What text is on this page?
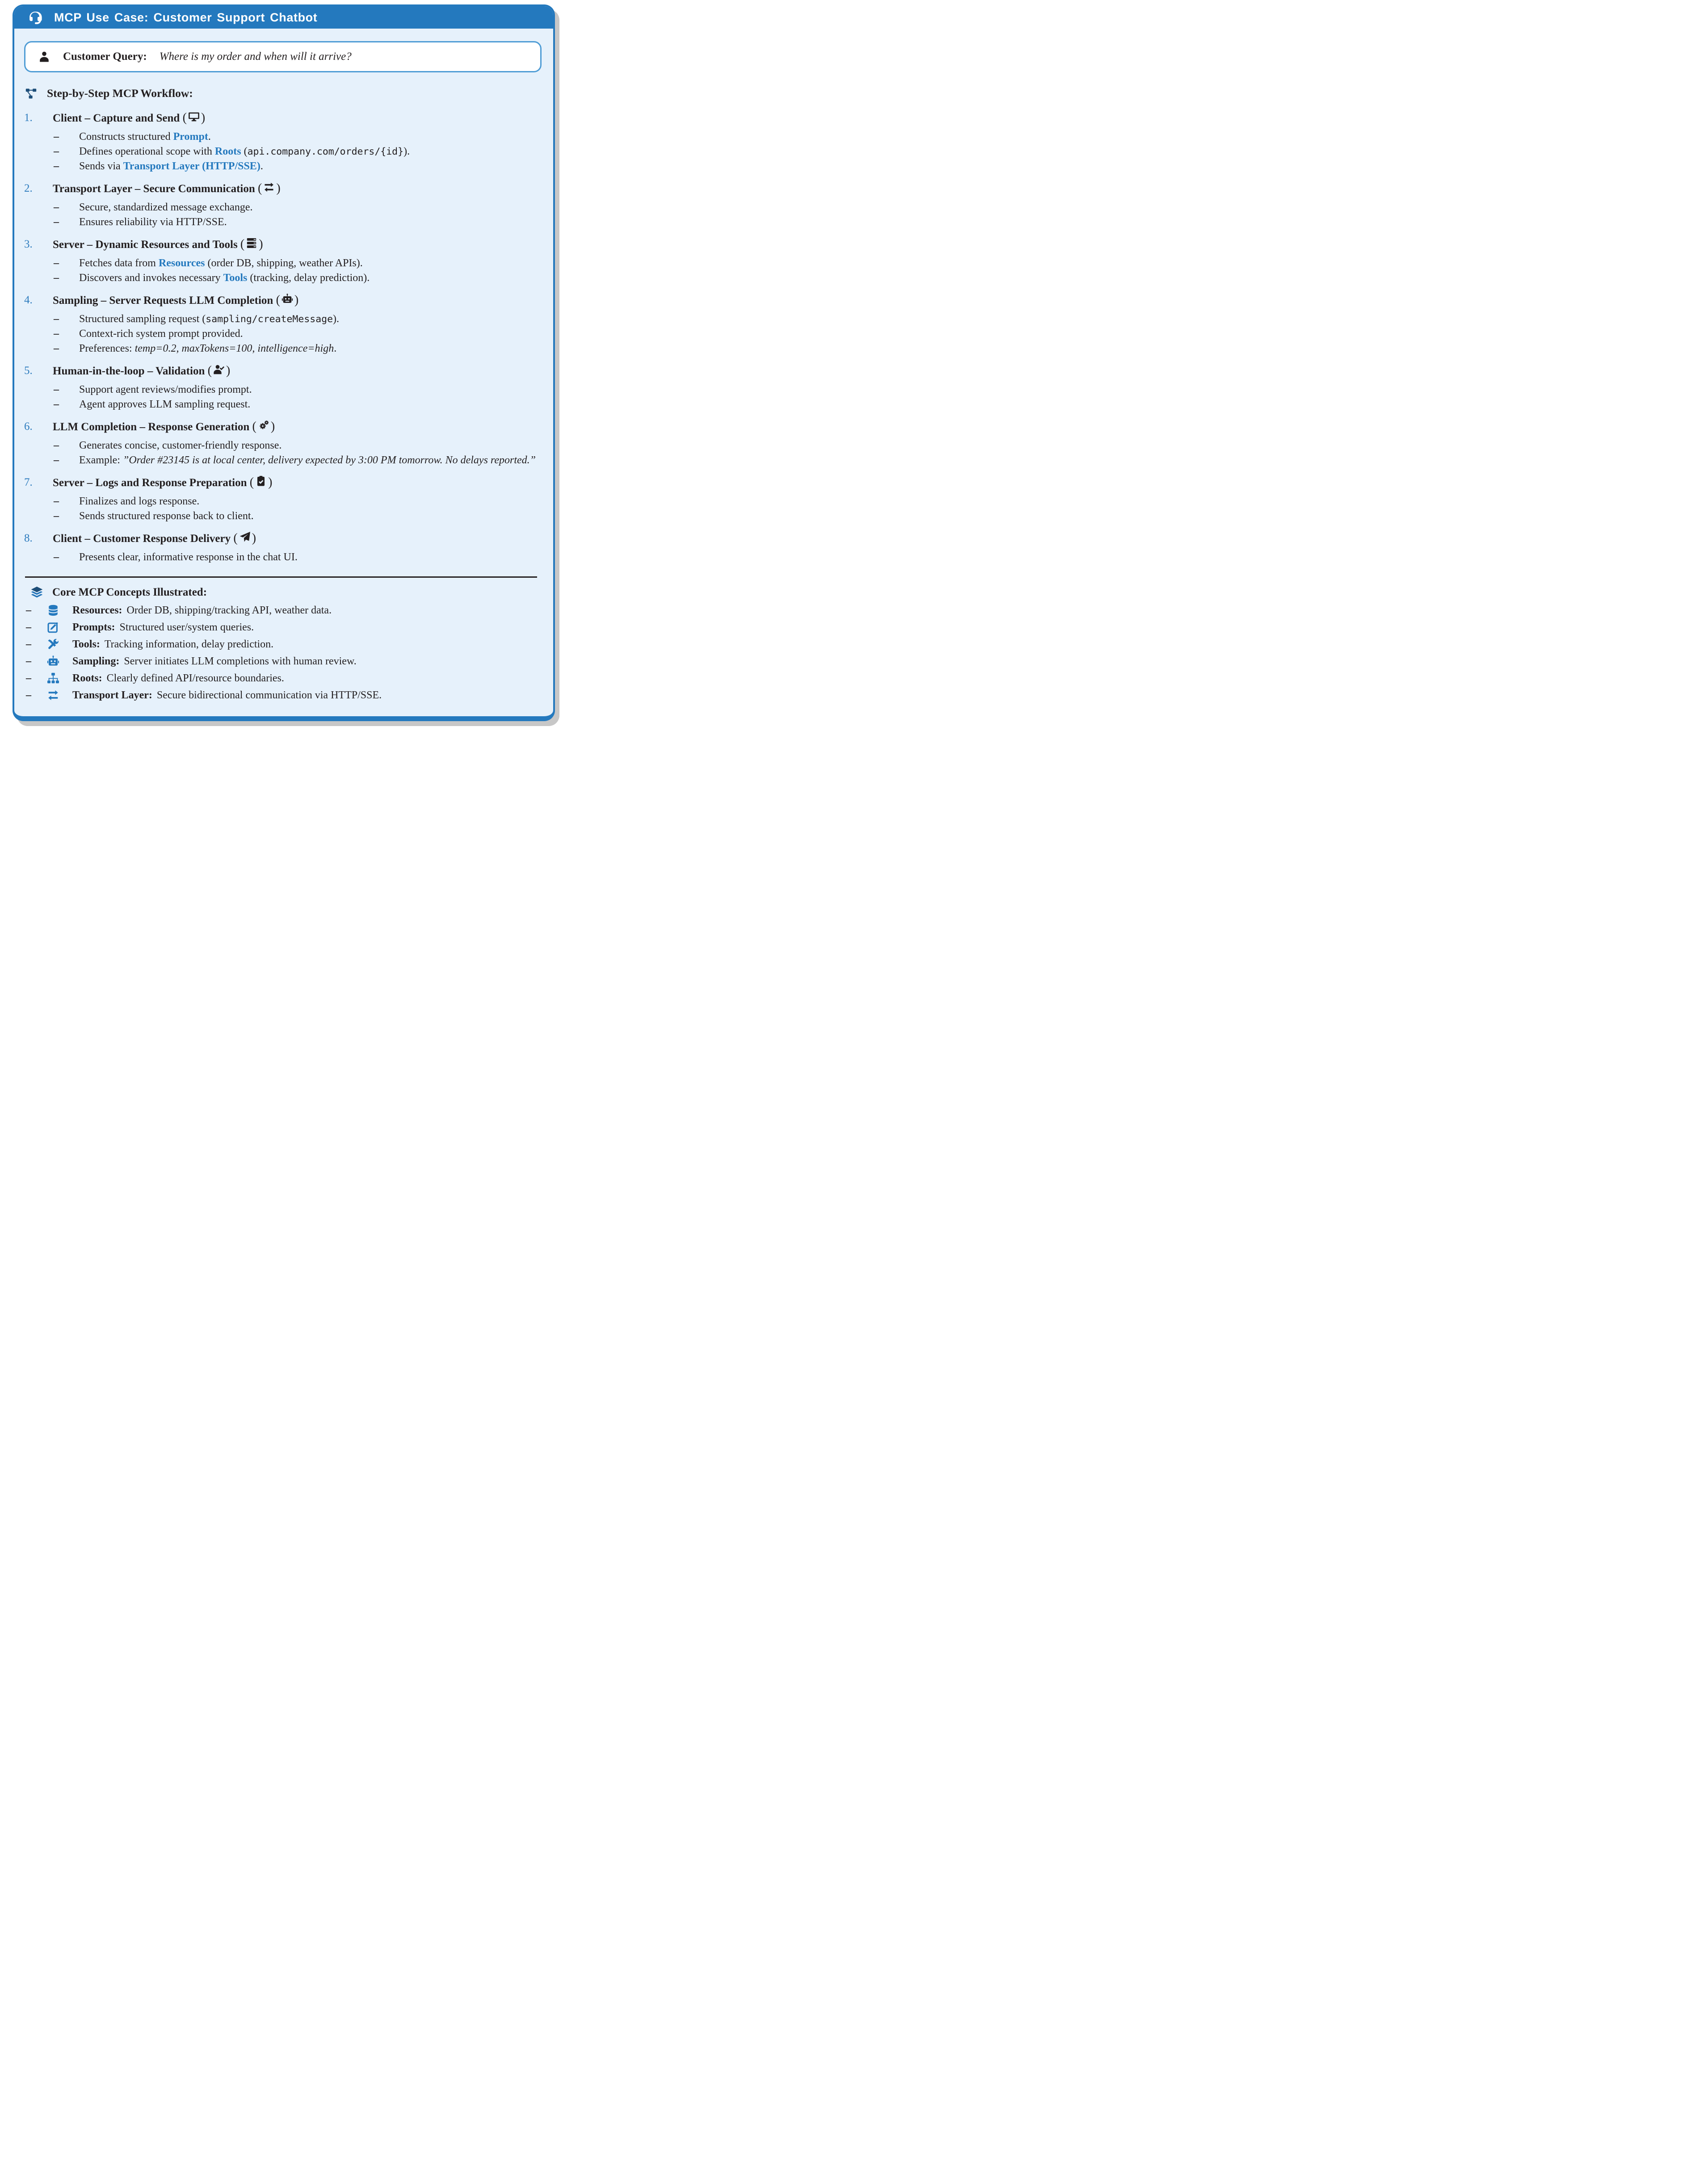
MCP Use Case: Customer Support Chatbot
Customer Query: Where is my order and when will it arrive?
Step-by-Step MCP Workflow:
1.	Client – Capture and Send ( )
–	Constructs structured Prompt.
–	Defines operational scope with Roots (api.company.com/orders/{id}).
–	Sends via Transport Layer (HTTP/SSE).
2.	Transport Layer – Secure Communication ( )
–	Secure, standardized message exchange.
–	Ensures reliability via HTTP/SSE.
3.	Server – Dynamic Resources and Tools ( )
–	Fetches data from Resources (order DB, shipping, weather APIs).
–	Discovers and invokes necessary Tools (tracking, delay prediction).
4.	Sampling – Server Requests LLM Completion ( )
–	Structured sampling request (sampling/createMessage).
–	Context-rich system prompt provided.
–	Preferences: temp=0.2, maxTokens=100, intelligence=high.
5.	Human-in-the-loop – Validation ( )
–	Support agent reviews/modifies prompt.
–	Agent approves LLM sampling request.
6.	LLM Completion – Response Generation ( )
–	Generates concise, customer-friendly response.
–	Example: ”Order #23145 is at local center, delivery expected by 3:00 PM tomorrow. No delays reported.”
7.	Server – Logs and Response Preparation ( )
–	Finalizes and logs response.
–	Sends structured response back to client.
8.	Client – Customer Response Delivery ( )
–	Presents clear, informative response in the chat UI.
Core MCP Concepts Illustrated:
–	Resources: Order DB, shipping/tracking API, weather data.
–	Prompts: Structured user/system queries.
–	Tools: Tracking information, delay prediction.
–	Sampling: Server initiates LLM completions with human review.
–	Roots: Clearly defined API/resource boundaries.
–	Transport Layer: Secure bidirectional communication via HTTP/SSE.
